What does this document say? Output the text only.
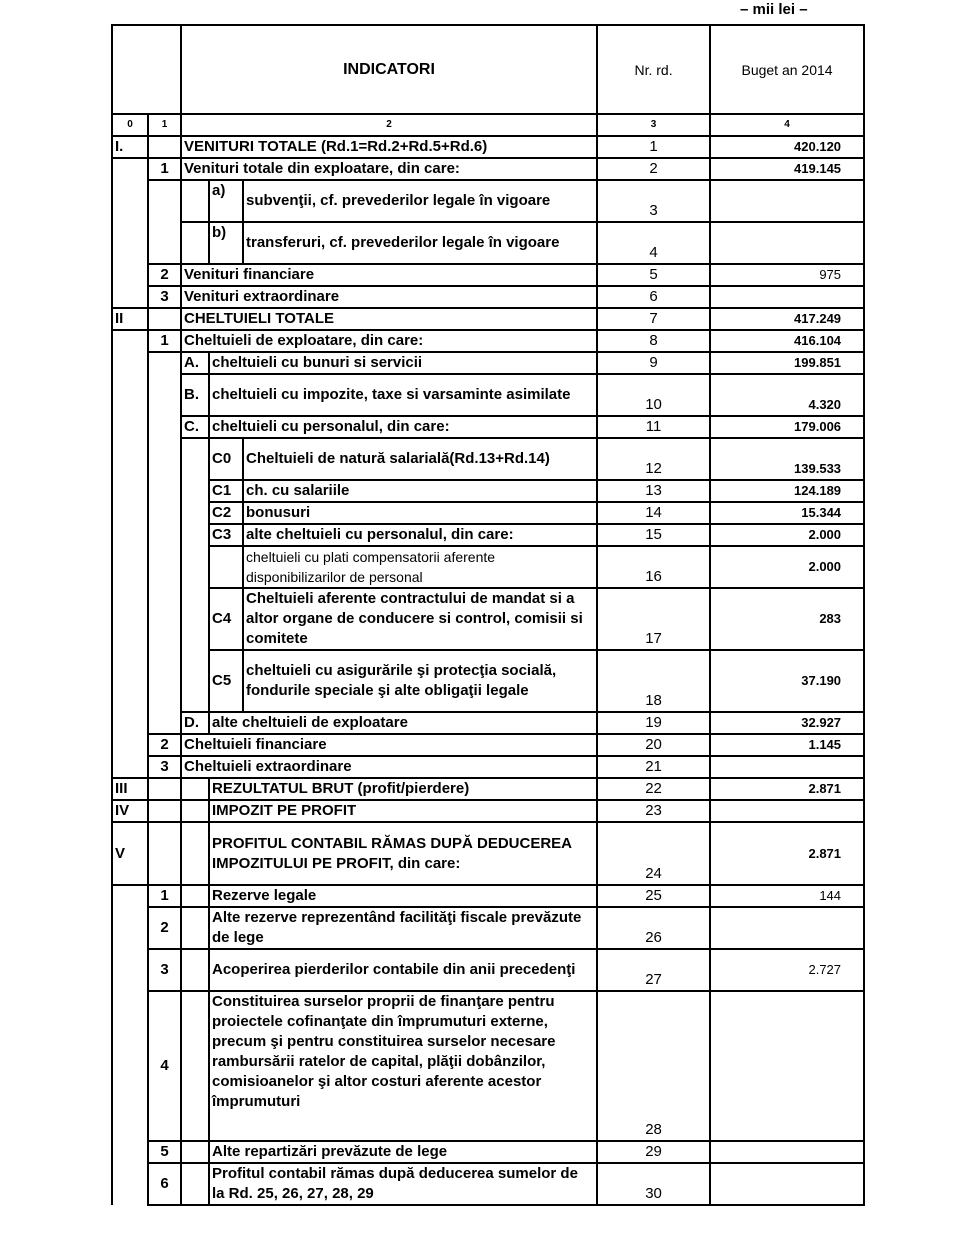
– mii lei –
		INDICATORI			Nr. rd.	Buget an 2014
0	1	2			3	4
I.		VENITURI TOTALE (Rd.1=Rd.2+Rd.5+Rd.6)			1	420.120
	1	Venituri totale din exploatare, din care:			2	419.145
			a)	subvenţii, cf. prevederilor legale în vigoare	3	
			b)	transferuri, cf. prevederilor legale în vigoare	4	
	2	Venituri financiare			5	975
	3	Venituri extraordinare			6	
II		CHELTUIELI TOTALE			7	417.249
	1	Cheltuieli de exploatare, din care:			8	416.104
		A.	cheltuieli cu bunuri si servicii		9	199.851
		B.	cheltuieli cu impozite, taxe si varsaminte asimilate		10	4.320
		C.	cheltuieli cu personalul, din care:		11	179.006
			C0	Cheltuieli de natură salarială(Rd.13+Rd.14)	12	139.533
			C1	ch. cu salariile	13	124.189
			C2	bonusuri	14	15.344
			C3	alte cheltuieli cu personalul, din care:	15	2.000
				cheltuieli cu plati compensatorii aferente disponibilizarilor de personal	16	2.000
			C4	Cheltuieli aferente contractului de mandat si a altor organe de conducere si control, comisii si comitete	17	283
			C5	cheltuieli cu asigurările şi protecţia socială, fondurile speciale şi alte obligaţii legale	18	37.190
		D.	alte cheltuieli de exploatare		19	32.927
	2	Cheltuieli financiare			20	1.145
	3	Cheltuieli extraordinare			21	
III			REZULTATUL BRUT (profit/pierdere)		22	2.871
IV			IMPOZIT PE PROFIT		23	
V			PROFITUL CONTABIL RĂMAS DUPĂ DEDUCEREA IMPOZITULUI PE PROFIT, din care:		24	2.871
	1		Rezerve legale		25	144
	2		Alte rezerve reprezentând facilităţi fiscale prevăzute de lege		26	
	3		Acoperirea pierderilor contabile din anii precedenţi		27	2.727
	4		Constituirea surselor proprii de finanţare pentru proiectele cofinanţate din împrumuturi externe, precum şi pentru constituirea surselor necesare rambursării ratelor de capital, plăţii dobânzilor, comisioanelor şi altor costuri aferente acestor împrumuturi		28	
	5		Alte repartizări prevăzute de lege		29	
	6		Profitul contabil rămas după deducerea sumelor de la Rd. 25, 26, 27, 28, 29		30	
